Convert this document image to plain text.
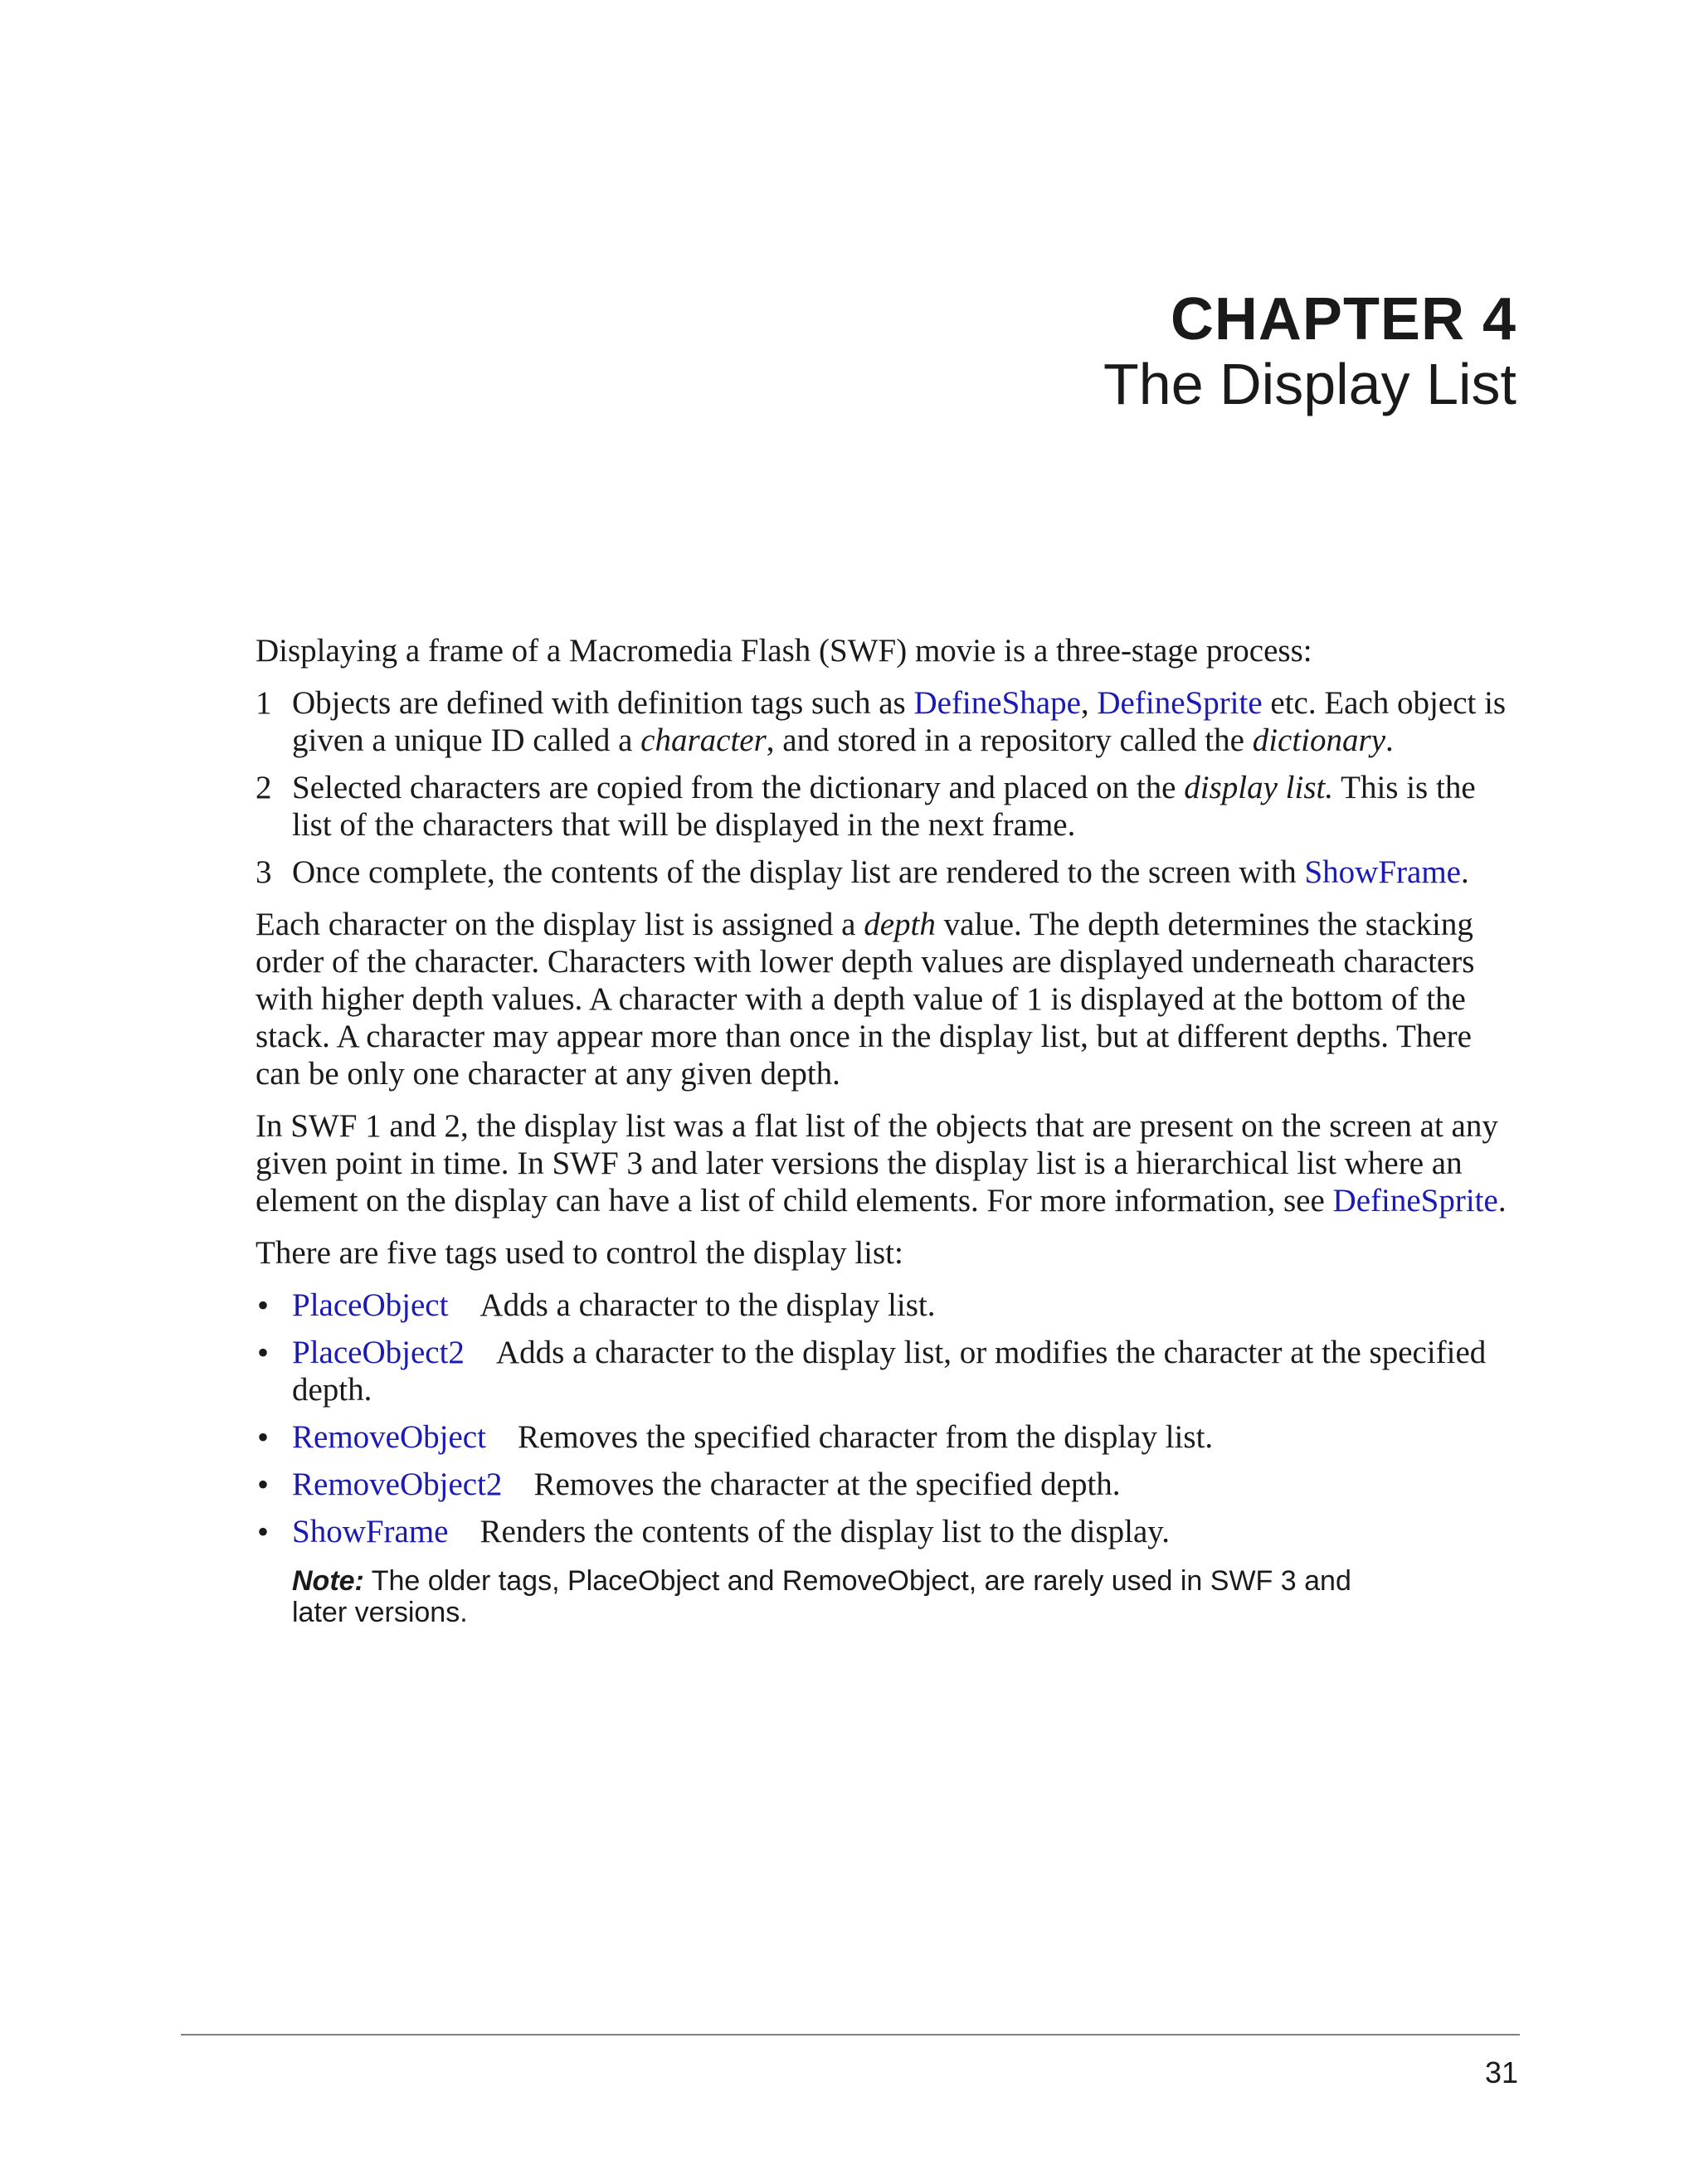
CHAPTER 4
The Display List

Displaying a frame of a Macromedia Flash (SWF) movie is a three-stage process:

1 Objects are defined with definition tags such as DefineShape, DefineSprite etc. Each object is given a unique ID called a character, and stored in a repository called the dictionary.
2 Selected characters are copied from the dictionary and placed on the display list. This is the list of the characters that will be displayed in the next frame.
3 Once complete, the contents of the display list are rendered to the screen with ShowFrame.

Each character on the display list is assigned a depth value. The depth determines the stacking order of the character. Characters with lower depth values are displayed underneath characters with higher depth values. A character with a depth value of 1 is displayed at the bottom of the stack. A character may appear more than once in the display list, but at different depths. There can be only one character at any given depth.

In SWF 1 and 2, the display list was a flat list of the objects that are present on the screen at any given point in time. In SWF 3 and later versions the display list is a hierarchical list where an element on the display can have a list of child elements. For more information, see DefineSprite.

There are five tags used to control the display list:

• PlaceObject Adds a character to the display list.
• PlaceObject2 Adds a character to the display list, or modifies the character at the specified depth.
• RemoveObject Removes the specified character from the display list.
• RemoveObject2 Removes the character at the specified depth.
• ShowFrame Renders the contents of the display list to the display.
Note: The older tags, PlaceObject and RemoveObject, are rarely used in SWF 3 and later versions.
31
